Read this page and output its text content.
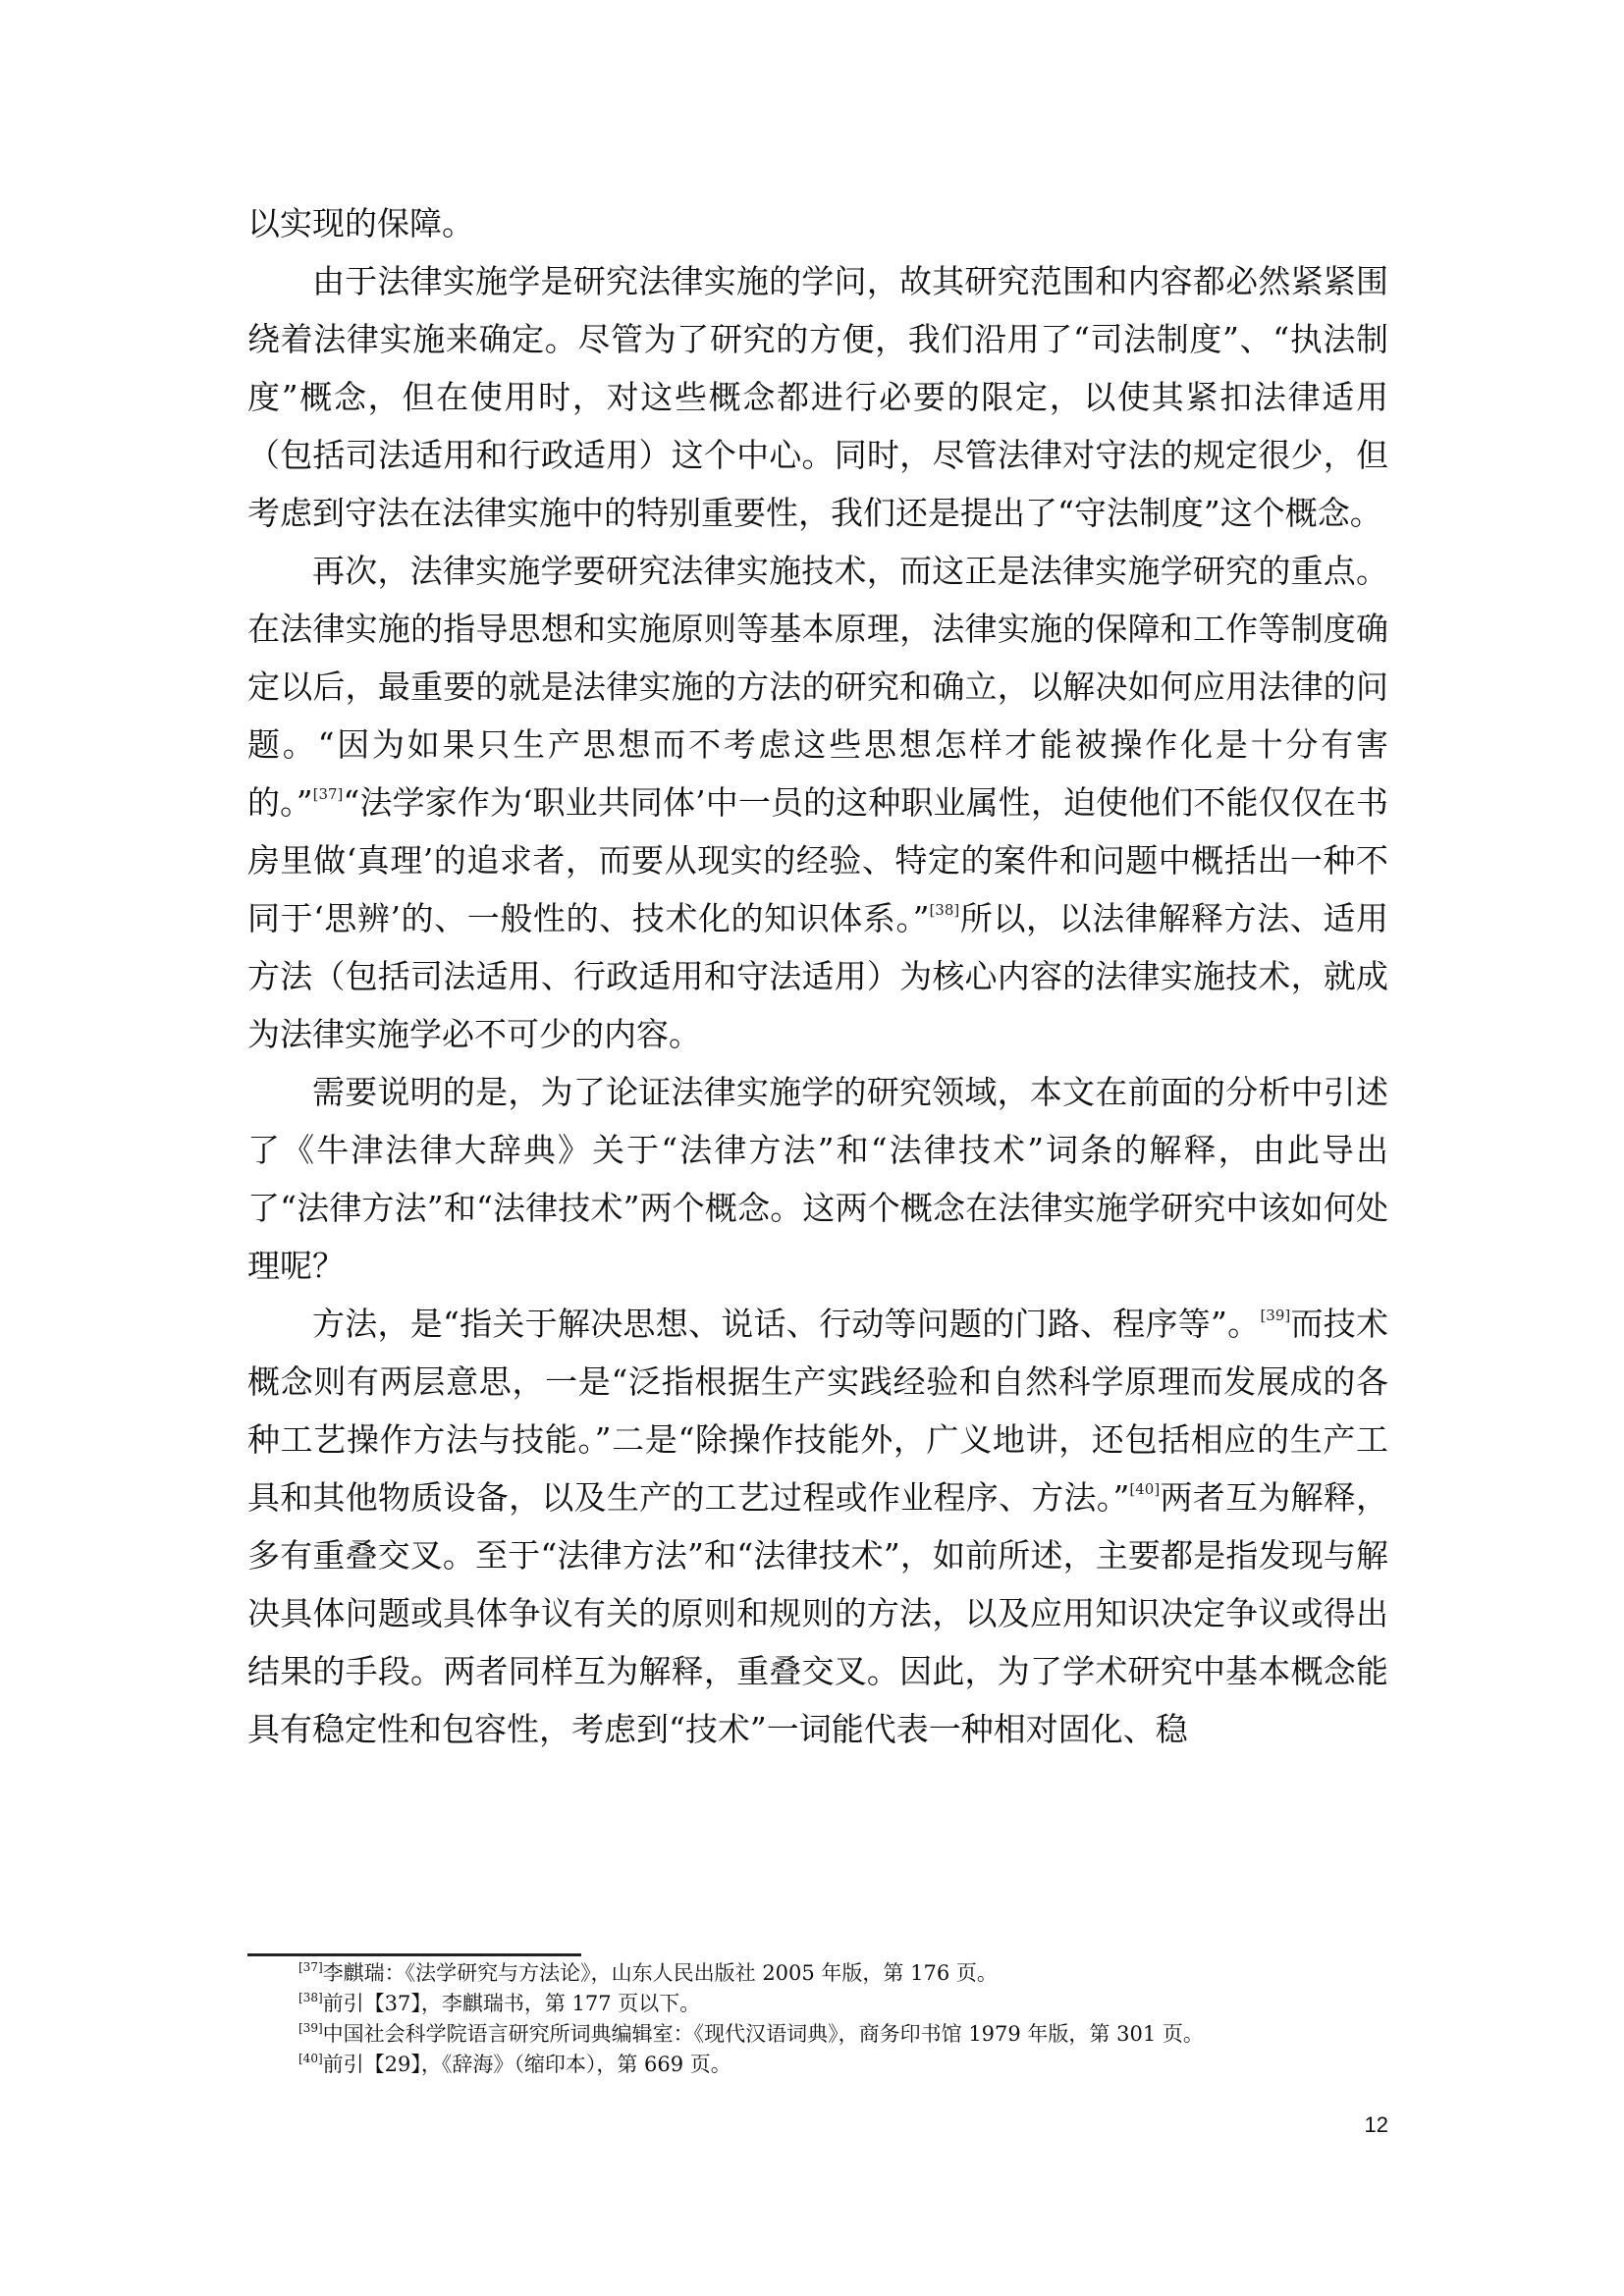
以实现的保障。

由于法律实施学是研究法律实施的学问，故其研究范围和内容都必然紧紧围绕着法律实施来确定。尽管为了研究的方便，我们沿用了“司法制度”、“执法制度”概念，但在使用时，对这些概念都进行必要的限定，以使其紧扣法律适用（包括司法适用和行政适用）这个中心。同时，尽管法律对守法的规定很少，但考虑到守法在法律实施中的特别重要性，我们还是提出了“守法制度”这个概念。

再次，法律实施学要研究法律实施技术，而这正是法律实施学研究的重点。在法律实施的指导思想和实施原则等基本原理，法律实施的保障和工作等制度确定以后，最重要的就是法律实施的方法的研究和确立，以解决如何应用法律的问题。“因为如果只生产思想而不考虑这些思想怎样才能被操作化是十分有害的。”[37]“法学家作为‘职业共同体’中一员的这种职业属性，迫使他们不能仅仅在书房里做‘真理’的追求者，而要从现实的经验、特定的案件和问题中概括出一种不同于‘思辨’的、一般性的、技术化的知识体系。”[38]所以，以法律解释方法、适用方法（包括司法适用、行政适用和守法适用）为核心内容的法律实施技术，就成为法律实施学必不可少的内容。

需要说明的是，为了论证法律实施学的研究领域，本文在前面的分析中引述了《牛津法律大辞典》关于“法律方法”和“法律技术”词条的解释，由此导出了“法律方法”和“法律技术”两个概念。这两个概念在法律实施学研究中该如何处理呢？

方法，是“指关于解决思想、说话、行动等问题的门路、程序等”。[39]而技术概念则有两层意思，一是“泛指根据生产实践经验和自然科学原理而发展成的各种工艺操作方法与技能。”二是“除操作技能外，广义地讲，还包括相应的生产工具和其他物质设备，以及生产的工艺过程或作业程序、方法。”[40]两者互为解释，多有重叠交叉。至于“法律方法”和“法律技术”，如前所述，主要都是指发现与解决具体问题或具体争议有关的原则和规则的方法，以及应用知识决定争议或得出结果的手段。两者同样互为解释，重叠交叉。因此，为了学术研究中基本概念能具有稳定性和包容性，考虑到“技术”一词能代表一种相对固化、稳

[37]李麒瑞：《法学研究与方法论》，山东人民出版社 2005 年版，第 176 页。

[38]前引【37】，李麒瑞书，第 177 页以下。

[39]中国社会科学院语言研究所词典编辑室：《现代汉语词典》，商务印书馆 1979 年版，第 301 页。

[40]前引【29】，《辞海》（缩印本），第 669 页。

12
